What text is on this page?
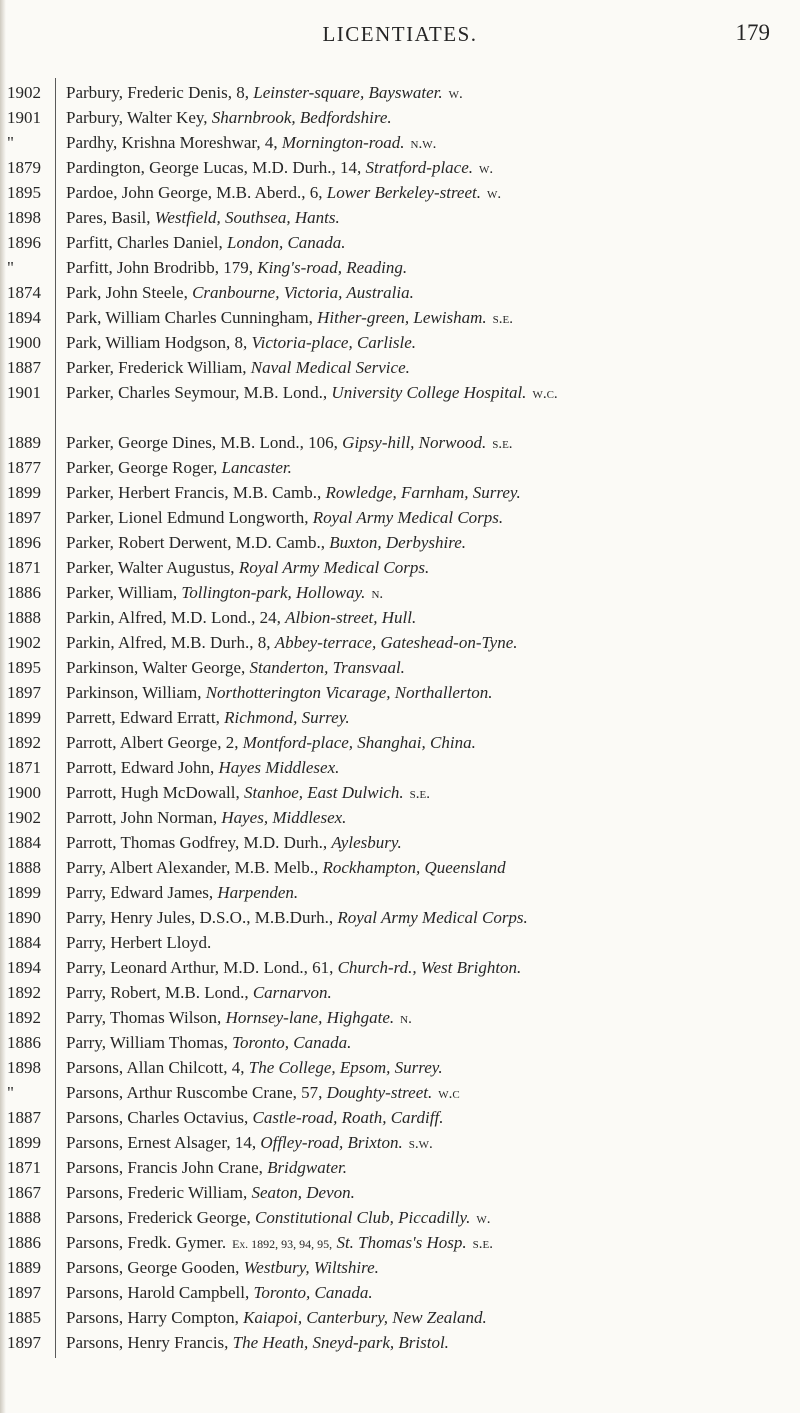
LICENTIATES.	179
1902	Parbury, Frederic Denis, 8, Leinster-square, Bayswater. w.
1901	Parbury, Walter Key, Sharnbrook, Bedfordshire.
"	Pardhy, Krishna Moreshwar, 4, Mornington-road. n.w.
1879	Pardington, George Lucas, M.D. Durh., 14, Stratford-place. w.
1895	Pardoe, John George, M.B. Aberd., 6, Lower Berkeley-street. w.
1898	Pares, Basil, Westfield, Southsea, Hants.
1896	Parfitt, Charles Daniel, London, Canada.
"	Parfitt, John Brodribb, 179, King's-road, Reading.
1874	Park, John Steele, Cranbourne, Victoria, Australia.
1894	Park, William Charles Cunningham, Hither-green, Lewisham. s.e.
1900	Park, William Hodgson, 8, Victoria-place, Carlisle.
1887	Parker, Frederick William, Naval Medical Service.
1901	Parker, Charles Seymour, M.B. Lond., University College Hospital. w.c.
1889	Parker, George Dines, M.B. Lond., 106, Gipsy-hill, Norwood. s.e.
1877	Parker, George Roger, Lancaster.
1899	Parker, Herbert Francis, M.B. Camb., Rowledge, Farnham, Surrey.
1897	Parker, Lionel Edmund Longworth, Royal Army Medical Corps.
1896	Parker, Robert Derwent, M.D. Camb., Buxton, Derbyshire.
1871	Parker, Walter Augustus, Royal Army Medical Corps.
1886	Parker, William, Tollington-park, Holloway. n.
1888	Parkin, Alfred, M.D. Lond., 24, Albion-street, Hull.
1902	Parkin, Alfred, M.B. Durh., 8, Abbey-terrace, Gateshead-on-Tyne.
1895	Parkinson, Walter George, Standerton, Transvaal.
1897	Parkinson, William, Northotterington Vicarage, Northallerton.
1899	Parrett, Edward Erratt, Richmond, Surrey.
1892	Parrott, Albert George, 2, Montford-place, Shanghai, China.
1871	Parrott, Edward John, Hayes Middlesex.
1900	Parrott, Hugh McDowall, Stanhoe, East Dulwich. s.e.
1902	Parrott, John Norman, Hayes, Middlesex.
1884	Parrott, Thomas Godfrey, M.D. Durh., Aylesbury.
1888	Parry, Albert Alexander, M.B. Melb., Rockhampton, Queensland
1899	Parry, Edward James, Harpenden.
1890	Parry, Henry Jules, D.S.O., M.B.Durh., Royal Army Medical Corps.
1884	Parry, Herbert Lloyd.
1894	Parry, Leonard Arthur, M.D. Lond., 61, Church-rd., West Brighton.
1892	Parry, Robert, M.B. Lond., Carnarvon.
1892	Parry, Thomas Wilson, Hornsey-lane, Highgate. n.
1886	Parry, William Thomas, Toronto, Canada.
1898	Parsons, Allan Chilcott, 4, The College, Epsom, Surrey.
"	Parsons, Arthur Ruscombe Crane, 57, Doughty-street. w.c
1887	Parsons, Charles Octavius, Castle-road, Roath, Cardiff.
1899	Parsons, Ernest Alsager, 14, Offley-road, Brixton. s.w.
1871	Parsons, Francis John Crane, Bridgwater.
1867	Parsons, Frederic William, Seaton, Devon.
1888	Parsons, Frederick George, Constitutional Club, Piccadilly. w.
1886	Parsons, Fredk. Gymer. Ex. 1892, 93, 94, 95, St. Thomas's Hosp. s.e.
1889	Parsons, George Gooden, Westbury, Wiltshire.
1897	Parsons, Harold Campbell, Toronto, Canada.
1885	Parsons, Harry Compton, Kaiapoi, Canterbury, New Zealand.
1897	Parsons, Henry Francis, The Heath, Sneyd-park, Bristol.
